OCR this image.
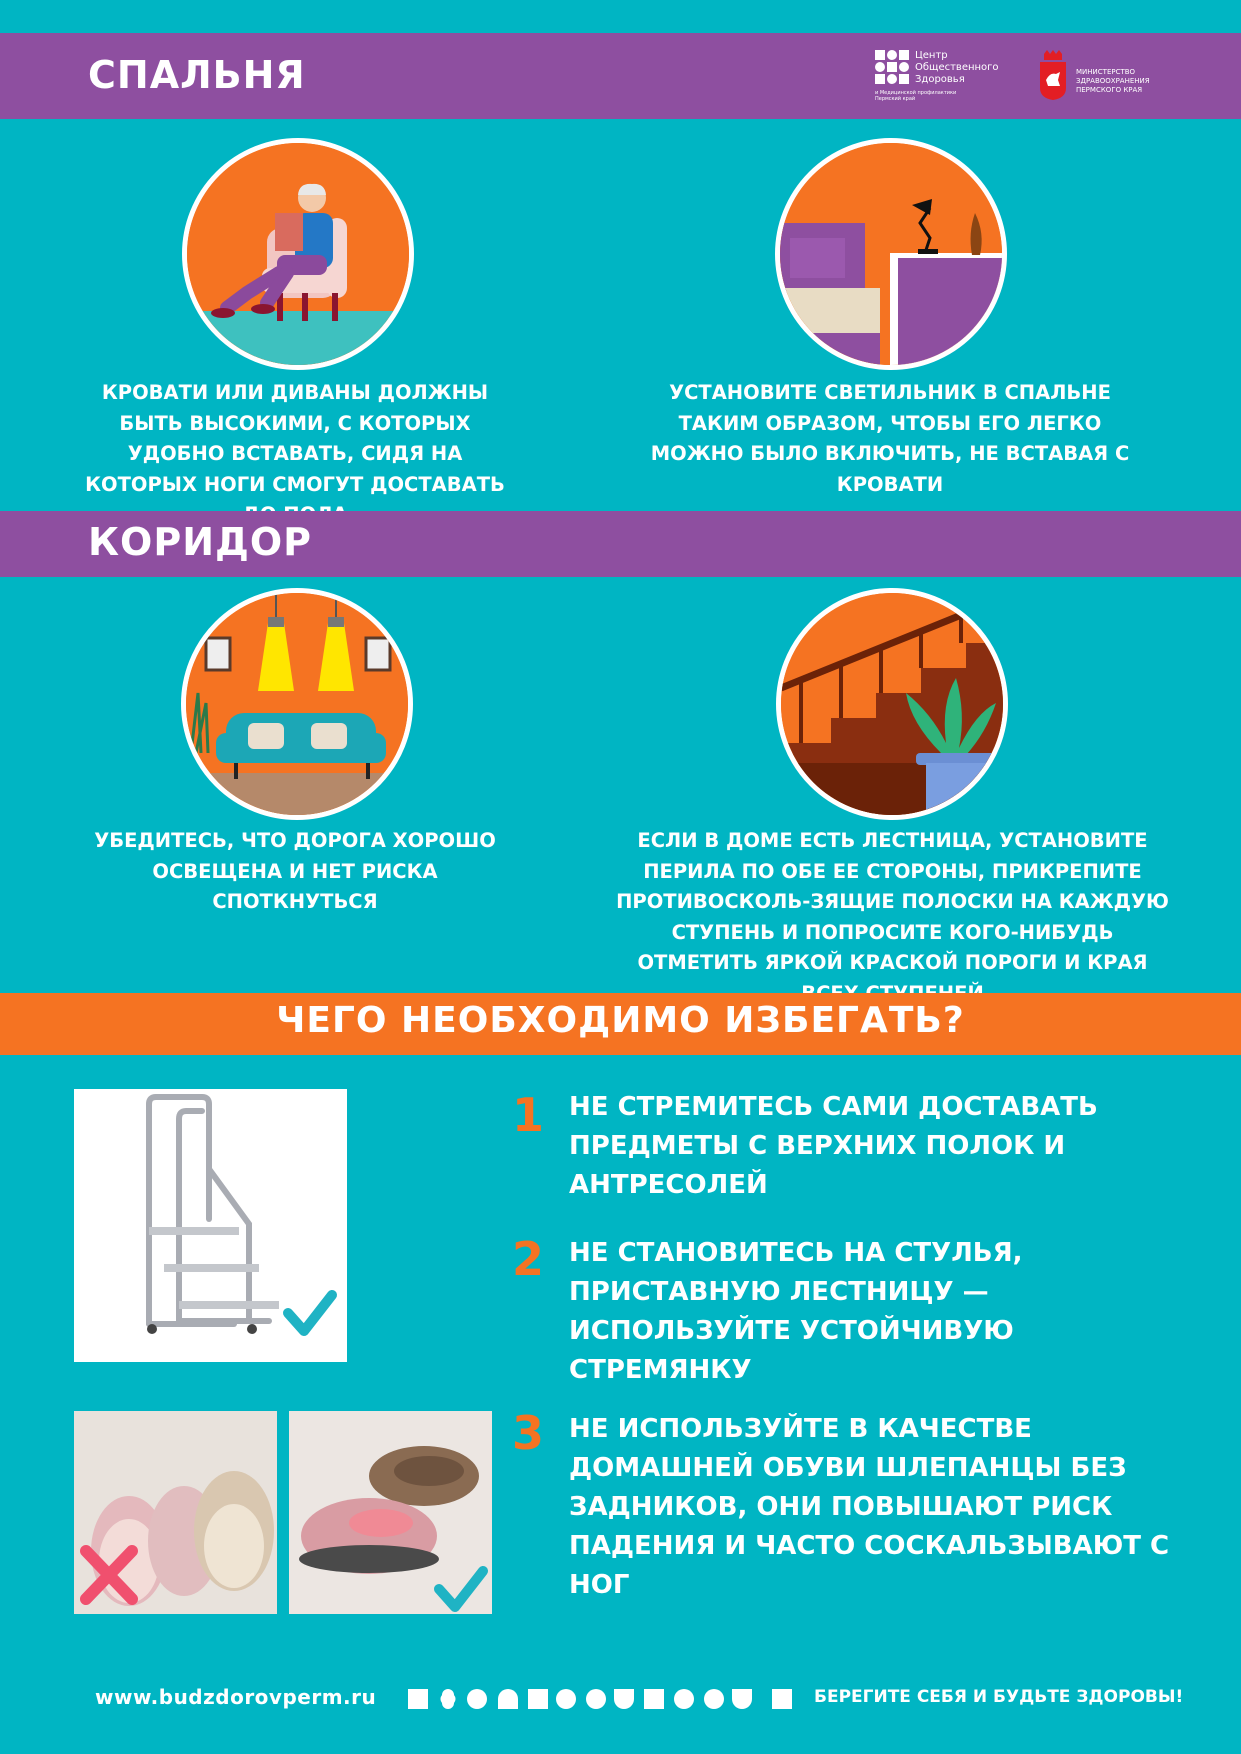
СПАЛЬНЯ	Центр
Общественного
Здоровья
и Медицинской профилактики
Пермский край
МИНИСТЕРСТВО
ЗДРАВООХРАНЕНИЯ
ПЕРМСКОГО КРАЯ
КРОВАТИ ИЛИ ДИВАНЫ ДОЛЖНЫ БЫТЬ ВЫСОКИМИ, С КОТОРЫХ УДОБНО ВСТАВАТЬ, СИДЯ НА КОТОРЫХ НОГИ СМОГУТ ДОСТАВАТЬ
УСТАНОВИТЕ СВЕТИЛЬНИК В СПАЛЬНЕ ТАКИМ ОБРАЗОМ, ЧТОБЫ ЕГО ЛЕГКО МОЖНО БЫЛО ВКЛЮЧИТЬ, НЕ ВСТАВАЯ С КРОВАТИ
КОРИДОР
УБЕДИТЕСЬ, ЧТО ДОРОГА ХОРОШО ОСВЕЩЕНА И НЕТ РИСКА СПОТКНУТЬСЯ
ЕСЛИ В ДОМЕ ЕСТЬ ЛЕСТНИЦА, УСТАНОВИТЕ ПЕРИЛА ПО ОБЕ ЕЕ СТОРОНЫ, ПРИКРЕПИТЕ ПРОТИВОСКОЛЬ-ЗЯЩИЕ ПОЛОСКИ НА КАЖДУЮ СТУПЕНЬ И ПОПРОСИТЕ КОГО-НИБУДЬ ОТМЕТИТЬ ЯРКОЙ КРАСКОЙ ПОРОГИ И КРАЯ
ЧЕГО НЕОБХОДИМО ИЗБЕГАТЬ?
1 НЕ СТРЕМИТЕСЬ САМИ ДОСТАВАТЬ ПРЕДМЕТЫ С ВЕРХНИХ ПОЛОК И АНТРЕСОЛЕЙ
2 НЕ СТАНОВИТЕСЬ НА СТУЛЬЯ, ПРИСТАВНУЮ ЛЕСТНИЦУ — ИСПОЛЬЗУЙТЕ УСТОЙЧИВУЮ СТРЕМЯНКУ
3 НЕ ИСПОЛЬЗУЙТЕ В КАЧЕСТВЕ ДОМАШНЕЙ ОБУВИ ШЛЕПАНЦЫ БЕЗ ЗАДНИКОВ, ОНИ ПОВЫШАЮТ РИСК ПАДЕНИЯ И ЧАСТО СОСКАЛЬЗЫВАЮТ С НОГ
www.budzdorovperm.ru	БЕРЕГИТЕ СЕБЯ И БУДЬТЕ ЗДОРОВЫ!
